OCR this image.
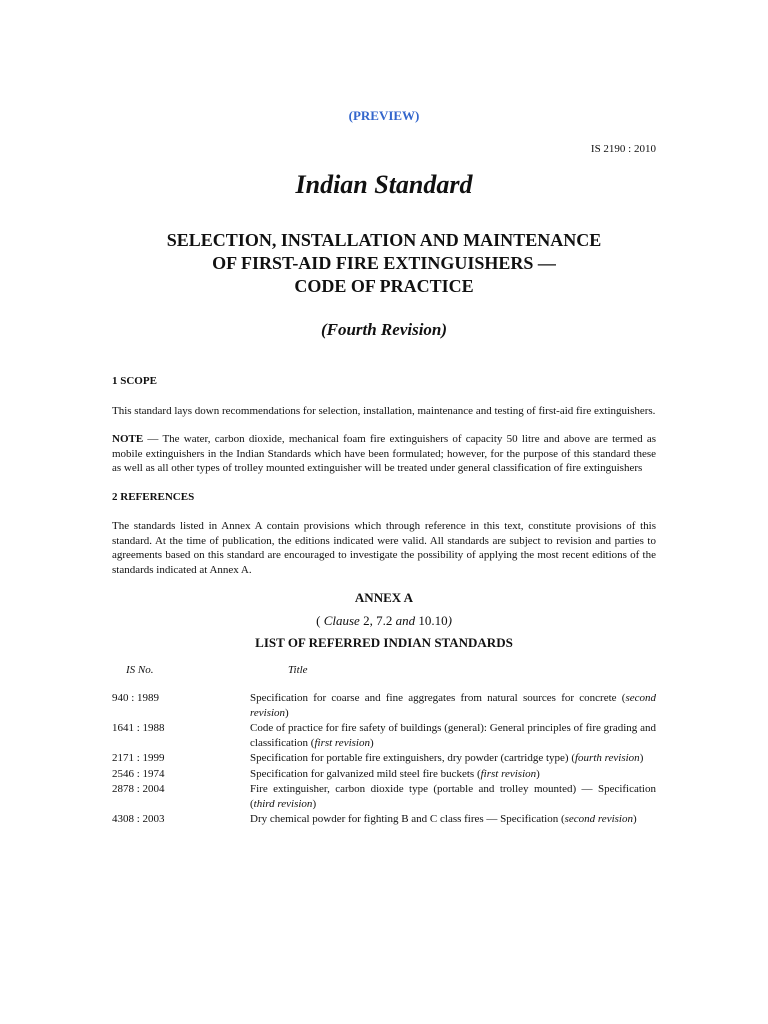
(PREVIEW)
IS 2190 : 2010
Indian Standard
SELECTION, INSTALLATION AND MAINTENANCE
OF FIRST-AID FIRE EXTINGUISHERS —
CODE OF PRACTICE
(Fourth Revision)
1 SCOPE
This standard lays down recommendations for selection, installation, maintenance and testing of first-aid fire extinguishers.
NOTE — The water, carbon dioxide, mechanical foam fire extinguishers of capacity 50 litre and above are termed as mobile extinguishers in the Indian Standards which have been formulated; however, for the purpose of this standard these as well as all other types of trolley mounted extinguisher will be treated under general classification of fire extinguishers
2 REFERENCES
The standards listed in Annex A contain provisions which through reference in this text, constitute provisions of this standard. At the time of publication, the editions indicated were valid. All standards are subject to revision and parties to agreements based on this standard are encouraged to investigate the possibility of applying the most recent editions of the standards indicated at Annex A.
ANNEX A
( Clause 2, 7.2 and 10.10)
LIST OF REFERRED INDIAN STANDARDS
IS No.	Title
940 : 1989	Specification for coarse and fine aggregates from natural sources for concrete (second revision)
1641 : 1988	Code of practice for fire safety of buildings (general): General principles of fire grading and classification (first revision)
2171 : 1999	Specification for portable fire extinguishers, dry powder (cartridge type) (fourth revision)
2546 : 1974	Specification for galvanized mild steel fire buckets (first revision)
2878 : 2004	Fire extinguisher, carbon dioxide type (portable and trolley mounted) — Specification (third revision)
4308 : 2003	Dry chemical powder for fighting B and C class fires — Specification (second revision)
